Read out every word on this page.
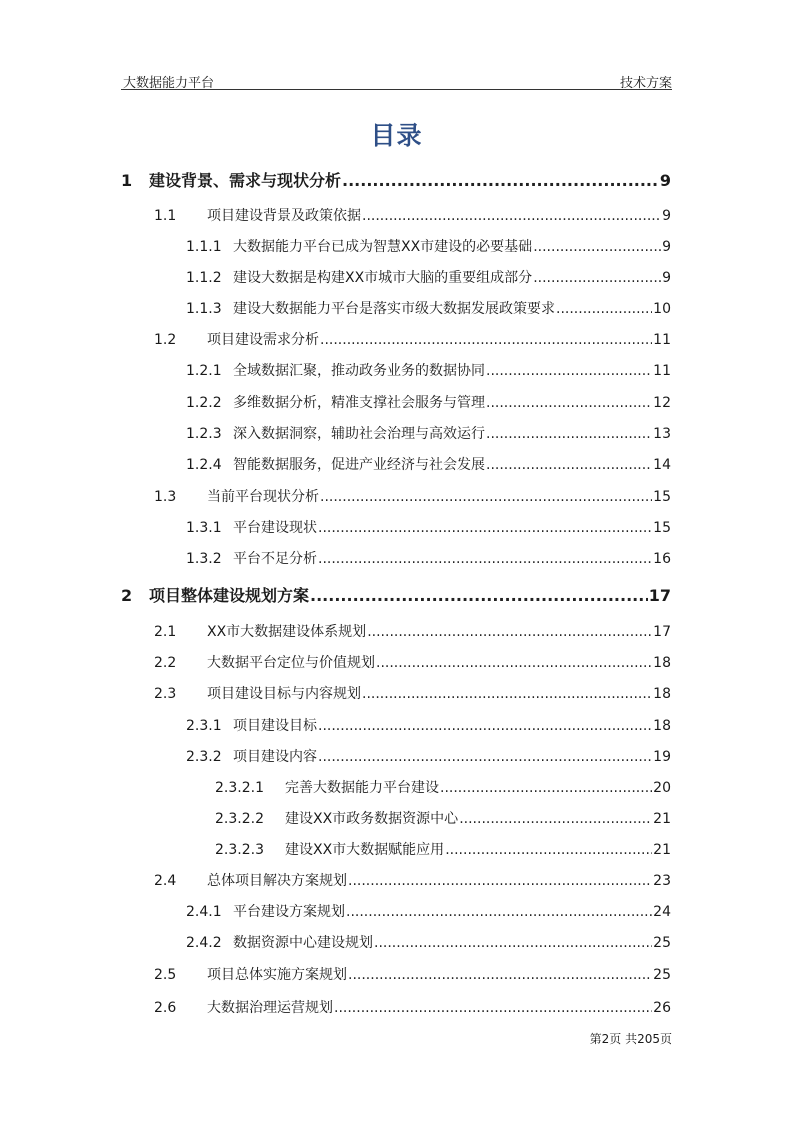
大数据能力平台	技术方案
目录
1	建设背景、需求与现状分析 .....	9
1.1	项目建设背景及政策依据 .....	9
1.1.1 大数据能力平台已成为智慧XX市建设的必要基础 .....	9
1.1.2 建设大数据是构建XX市城市大脑的重要组成部分 .....	9
1.1.3 建设大数据能力平台是落实市级大数据发展政策要求 .....	10
1.2	项目建设需求分析 .....	11
1.2.1 全域数据汇聚，推动政务业务的数据协同 .....	11
1.2.2 多维数据分析，精准支撑社会服务与管理 .....	12
1.2.3 深入数据洞察，辅助社会治理与高效运行 .....	13
1.2.4 智能数据服务，促进产业经济与社会发展 .....	14
1.3	当前平台现状分析 .....	15
1.3.1 平台建设现状 .....	15
1.3.2 平台不足分析 .....	16
2	项目整体建设规划方案 .....	17
2.1	XX市大数据建设体系规划 .....	17
2.2	大数据平台定位与价值规划 .....	18
2.3	项目建设目标与内容规划 .....	18
2.3.1 项目建设目标 .....	18
2.3.2 项目建设内容 .....	19
2.3.2.1	完善大数据能力平台建设 .....	20
2.3.2.2	建设XX市政务数据资源中心 .....	21
2.3.2.3	建设XX市大数据赋能应用 .....	21
2.4	总体项目解决方案规划 .....	23
2.4.1 平台建设方案规划 .....	24
2.4.2 数据资源中心建设规划 .....	25
2.5	项目总体实施方案规划 .....	25
2.6	大数据治理运营规划 .....	26
第2页 共205页
